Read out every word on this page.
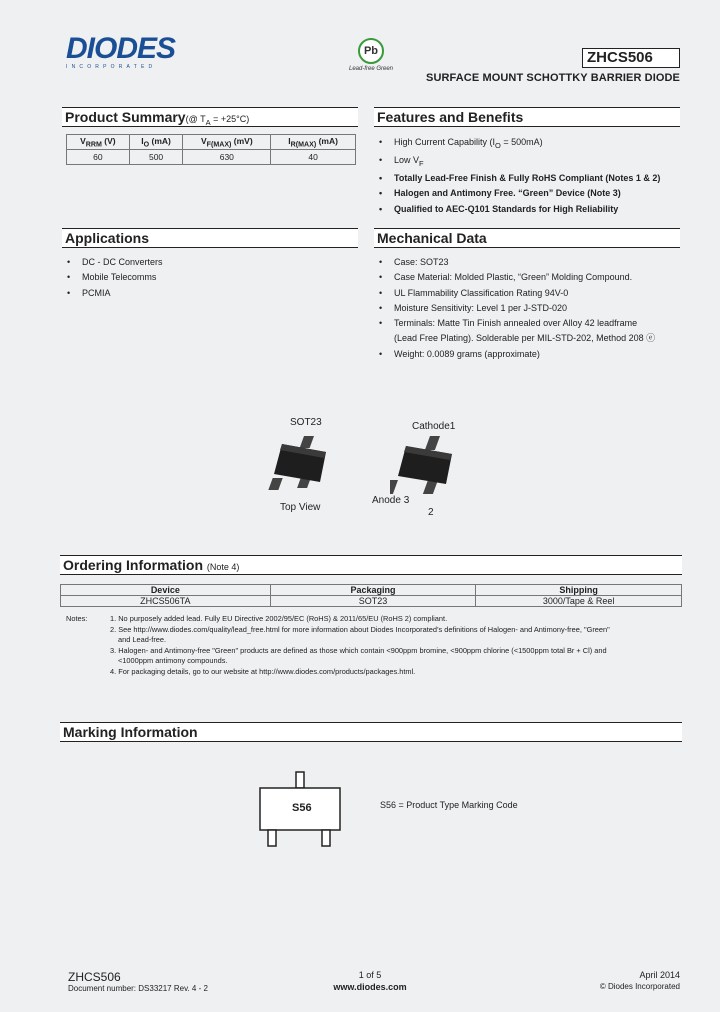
DIODES
INCORPORATED
Pb
Lead-free Green
ZHCS506
SURFACE MOUNT SCHOTTKY BARRIER DIODE
Product Summary(@ $T_A = +25^\circ C$)
$V_{RRM}$ (V)	$I_O$ (mA)	$V_{F(MAX)}$ (mV)	$I_{R(MAX)}$ (mA)
60	500	630	40
Features and Benefits
• High Current Capability $(I_O = 500mA)$
• Low $V_F$
• Totally Lead-Free Finish & Fully RoHS Compliant (Notes 1 & 2)
• Halogen and Antimony Free. “Green” Device (Note 3)
• Qualified to AEC-Q101 Standards for High Reliability
Applications
• DC - DC Converters
• Mobile Telecomms
• PCMIA
Mechanical Data
• Case: SOT23
• Case Material: Molded Plastic, “Green” Molding Compound.
• UL Flammability Classification Rating 94V-0
• Moisture Sensitivity: Level 1 per J-STD-020
• Terminals: Matte Tin Finish annealed over Alloy 42 leadframe
(Lead Free Plating). Solderable per MIL-STD-202, Method 208 ⓔ
• Weight: 0.0089 grams (approximate)
SOT23
Top View
Cathode1
Anode 3
2
Ordering Information (Note 4)
Device	Packaging	Shipping
ZHCS506TA	SOT23	3000/Tape & Reel
Notes:	1. No purposely added lead. Fully EU Directive 2002/95/EC (RoHS) & 2011/65/EU (RoHS 2) compliant.
2. See http://www.diodes.com/quality/lead_free.html for more information about Diodes Incorporated’s definitions of Halogen- and Antimony-free, "Green"
and Lead-free.
3. Halogen- and Antimony-free "Green" products are defined as those which contain <900ppm bromine, <900ppm chlorine (<1500ppm total Br + Cl) and
<1000ppm antimony compounds.
4. For packaging details, go to our website at http://www.diodes.com/products/packages.html.
Marking Information
S56	S56 = Product Type Marking Code
ZHCS506
Document number: DS33217 Rev. 4 - 2
1 of 5
www.diodes.com
April 2014
© Diodes Incorporated
